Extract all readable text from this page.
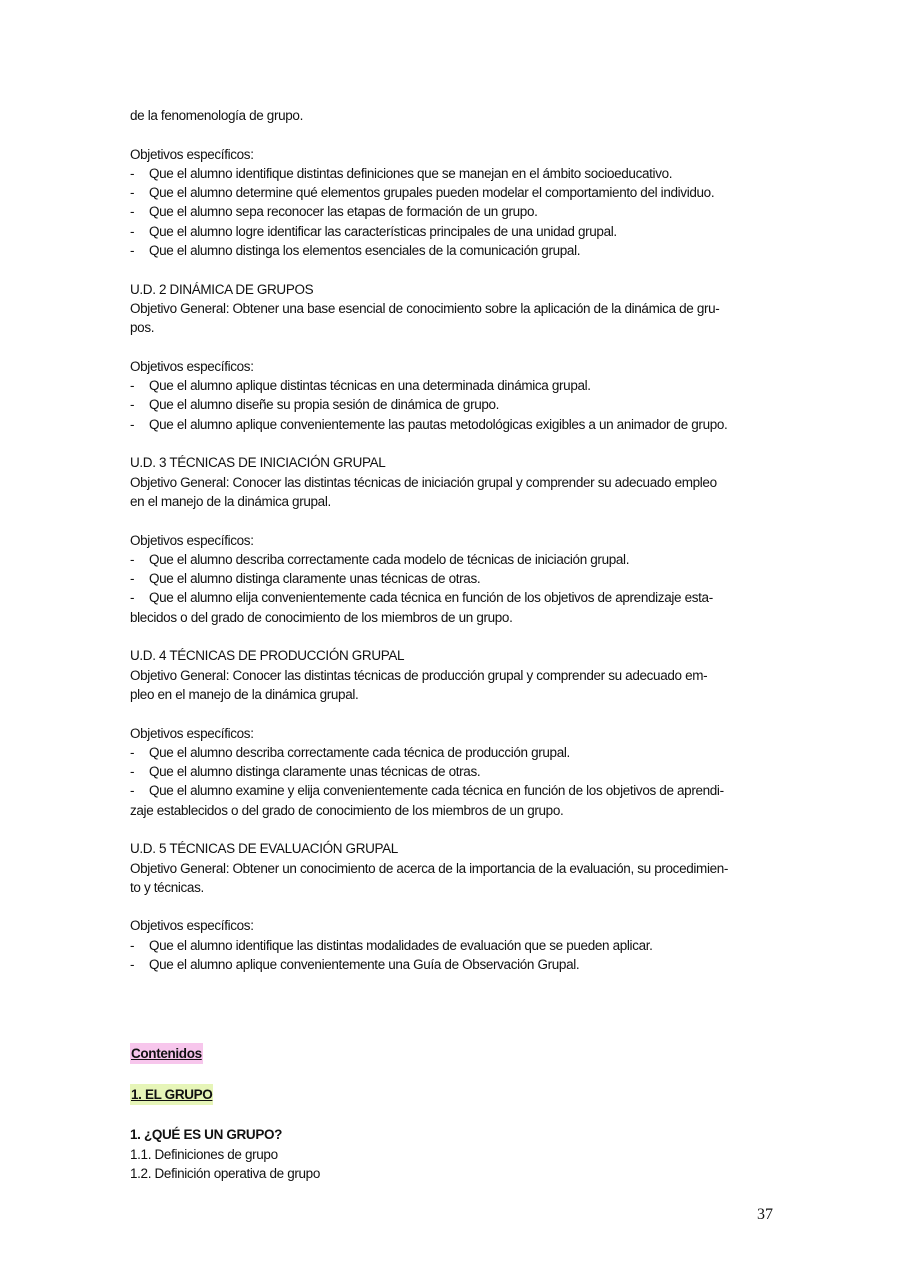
de la fenomenología de grupo.

Objetivos específicos:

-	Que el alumno identifique distintas definiciones que se manejan en el ámbito socioeducativo.
-	Que el alumno determine qué elementos grupales pueden modelar el comportamiento del individuo.
-	Que el alumno sepa reconocer las etapas de formación de un grupo.
-	Que el alumno logre identificar las características principales de una unidad grupal.
-	Que el alumno distinga los elementos esenciales de la comunicación grupal.

U.D. 2 DINÁMICA DE GRUPOS

Objetivo General: Obtener una base esencial de conocimiento sobre la aplicación de la dinámica de gru-

pos.

Objetivos específicos:

-	Que el alumno aplique distintas técnicas en una determinada dinámica grupal.
-	Que el alumno diseñe su propia sesión de dinámica de grupo.
-	Que el alumno aplique convenientemente las pautas metodológicas exigibles a un animador de grupo.

U.D. 3 TÉCNICAS DE INICIACIÓN GRUPAL

Objetivo General: Conocer las distintas técnicas de iniciación grupal y comprender su adecuado empleo

en el manejo de la dinámica grupal.

Objetivos específicos:

-	Que el alumno describa correctamente cada modelo de técnicas de iniciación grupal.
-	Que el alumno distinga claramente unas técnicas de otras.
-	Que el alumno elija convenientemente cada técnica en función de los objetivos de aprendizaje esta-

blecidos o del grado de conocimiento de los miembros de un grupo.

U.D. 4 TÉCNICAS DE PRODUCCIÓN GRUPAL

Objetivo General: Conocer las distintas técnicas de producción grupal y comprender su adecuado em-

pleo en el manejo de la dinámica grupal.

Objetivos específicos:

-	Que el alumno describa correctamente cada técnica de producción grupal.
-	Que el alumno distinga claramente unas técnicas de otras.
-	Que el alumno examine y elija convenientemente cada técnica en función de los objetivos de aprendi-

zaje establecidos o del grado de conocimiento de los miembros de un grupo.

U.D. 5 TÉCNICAS DE EVALUACIÓN GRUPAL

Objetivo General: Obtener un conocimiento de acerca de la importancia de la evaluación, su procedimien-

to y técnicas.

Objetivos específicos:

-	Que el alumno identifique las distintas modalidades de evaluación que se pueden aplicar.
-	Que el alumno aplique convenientemente una Guía de Observación Grupal.

Contenidos

1. EL GRUPO

1. ¿QUÉ ES UN GRUPO?

1.1. Definiciones de grupo

1.2. Definición operativa de grupo

37
